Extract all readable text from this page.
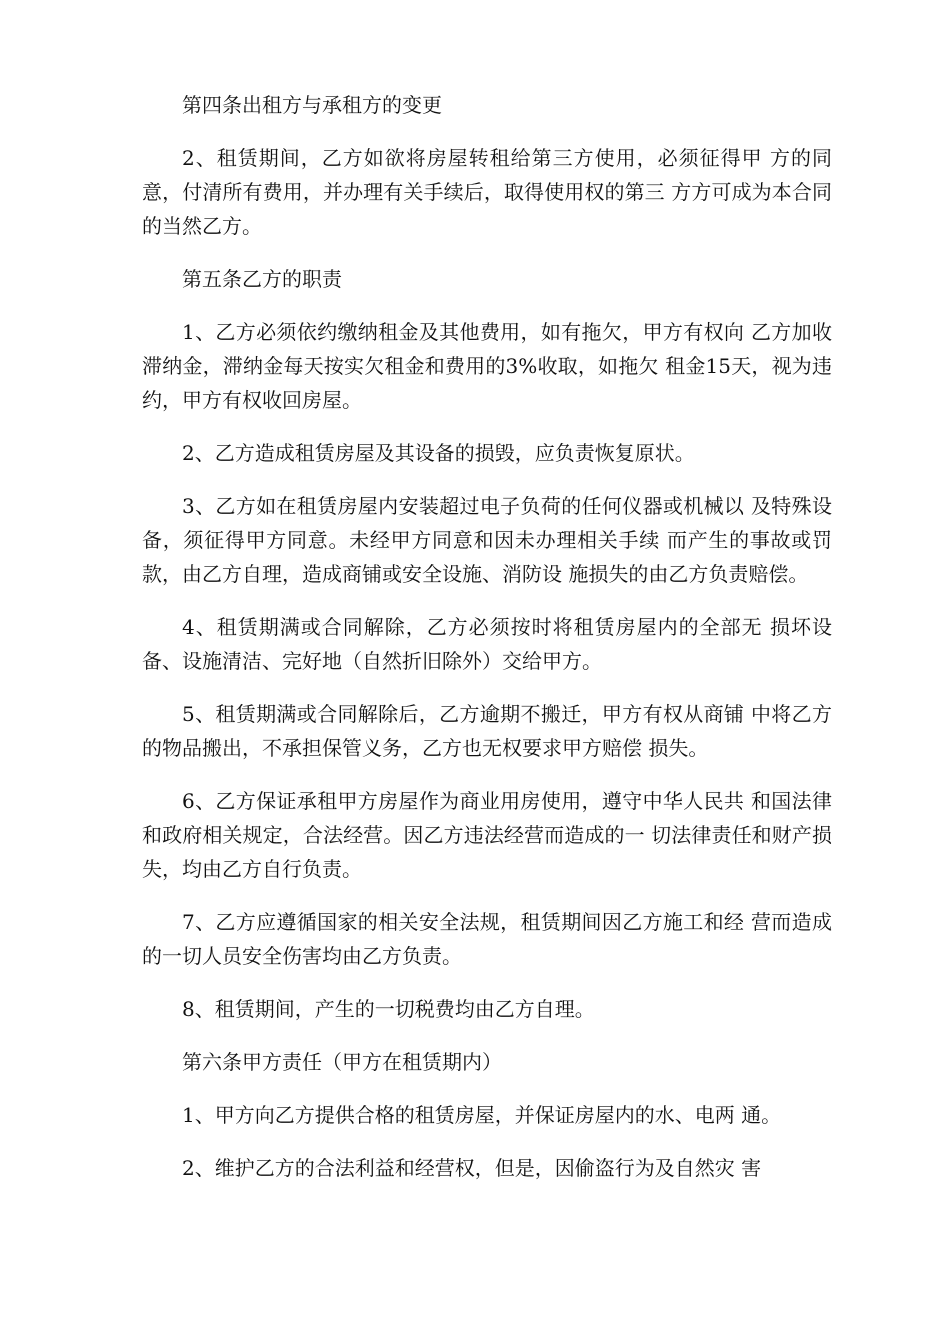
第四条出租方与承租方的变更

2、租赁期间，乙方如欲将房屋转租给第三方使用，必须征得甲 方的同意，付清所有费用，并办理有关手续后，取得使用权的第三 方方可成为本合同的当然乙方。

第五条乙方的职责

1、乙方必须依约缴纳租金及其他费用，如有拖欠，甲方有权向 乙方加收滞纳金，滞纳金每天按实欠租金和费用的3%收取，如拖欠 租金15天，视为违约，甲方有权收回房屋。

2、乙方造成租赁房屋及其设备的损毁，应负责恢复原状。

3、乙方如在租赁房屋内安装超过电子负荷的任何仪器或机械以 及特殊设备，须征得甲方同意。未经甲方同意和因未办理相关手续 而产生的事故或罚款，由乙方自理，造成商铺或安全设施、消防设 施损失的由乙方负责赔偿。

4、租赁期满或合同解除，乙方必须按时将租赁房屋内的全部无 损坏设备、设施清洁、完好地（自然折旧除外）交给甲方。

5、租赁期满或合同解除后，乙方逾期不搬迁，甲方有权从商铺 中将乙方的物品搬出，不承担保管义务，乙方也无权要求甲方赔偿 损失。

6、乙方保证承租甲方房屋作为商业用房使用，遵守中华人民共 和国法律和政府相关规定，合法经营。因乙方违法经营而造成的一 切法律责任和财产损失，均由乙方自行负责。

7、乙方应遵循国家的相关安全法规，租赁期间因乙方施工和经 营而造成的一切人员安全伤害均由乙方负责。

8、租赁期间，产生的一切税费均由乙方自理。

第六条甲方责任（甲方在租赁期内）

1、甲方向乙方提供合格的租赁房屋，并保证房屋内的水、电两 通。

2、维护乙方的合法利益和经营权，但是，因偷盗行为及自然灾 害
